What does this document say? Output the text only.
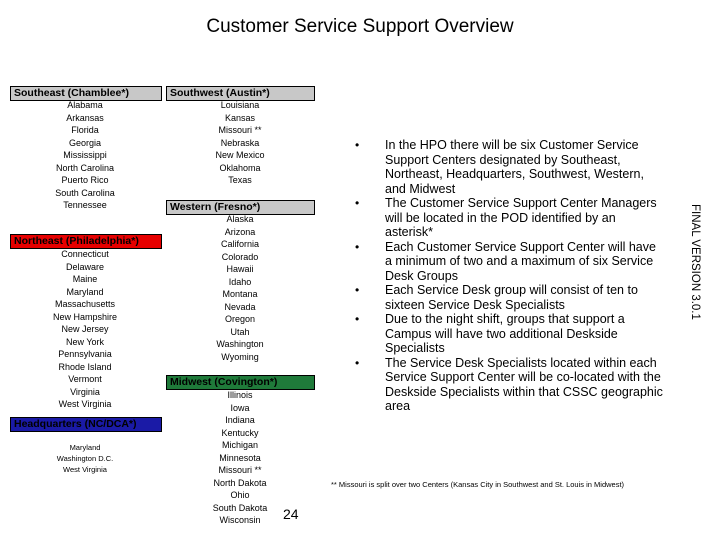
Customer Service Support Overview
Southeast (Chamblee*)
Alabama
Arkansas
Florida
Georgia
Mississippi
North Carolina
Puerto Rico
South Carolina
Tennessee
Northeast (Philadelphia*)
Connecticut
Delaware
Maine
Maryland
Massachusetts
New Hampshire
New Jersey
New York
Pennsylvania
Rhode Island
Vermont
Virginia
West Virginia
Headquarters (NC/DCA*)
Maryland
Washington D.C.
West Virginia
Southwest (Austin*)
Louisiana
Kansas
Missouri **
Nebraska
New Mexico
Oklahoma
Texas
Western (Fresno*)
Alaska
Arizona
California
Colorado
Hawaii
Idaho
Montana
Nevada
Oregon
Utah
Washington
Wyoming
Midwest (Covington*)
Illinois
Iowa
Indiana
Kentucky
Michigan
Minnesota
Missouri **
North Dakota
Ohio
South Dakota
Wisconsin
• In the HPO there will be six Customer Service Support Centers designated by Southeast, Northeast, Headquarters, Southwest, Western, and Midwest
• The Customer Service Support Center Managers will be located in the POD identified by an asterisk*
• Each Customer Service Support Center will have a minimum of two and a maximum of six Service Desk Groups
• Each Service Desk group will consist of ten to sixteen Service Desk Specialists
• Due to the night shift, groups that support a Campus will have two additional Deskside Specialists
• The Service Desk Specialists located within each Service Support Center will be co-located with the Deskside Specialists within that CSSC geographic area
FINAL VERSION 3.0.1
** Missouri is split over two Centers (Kansas City in Southwest and St. Louis in Midwest)
24
